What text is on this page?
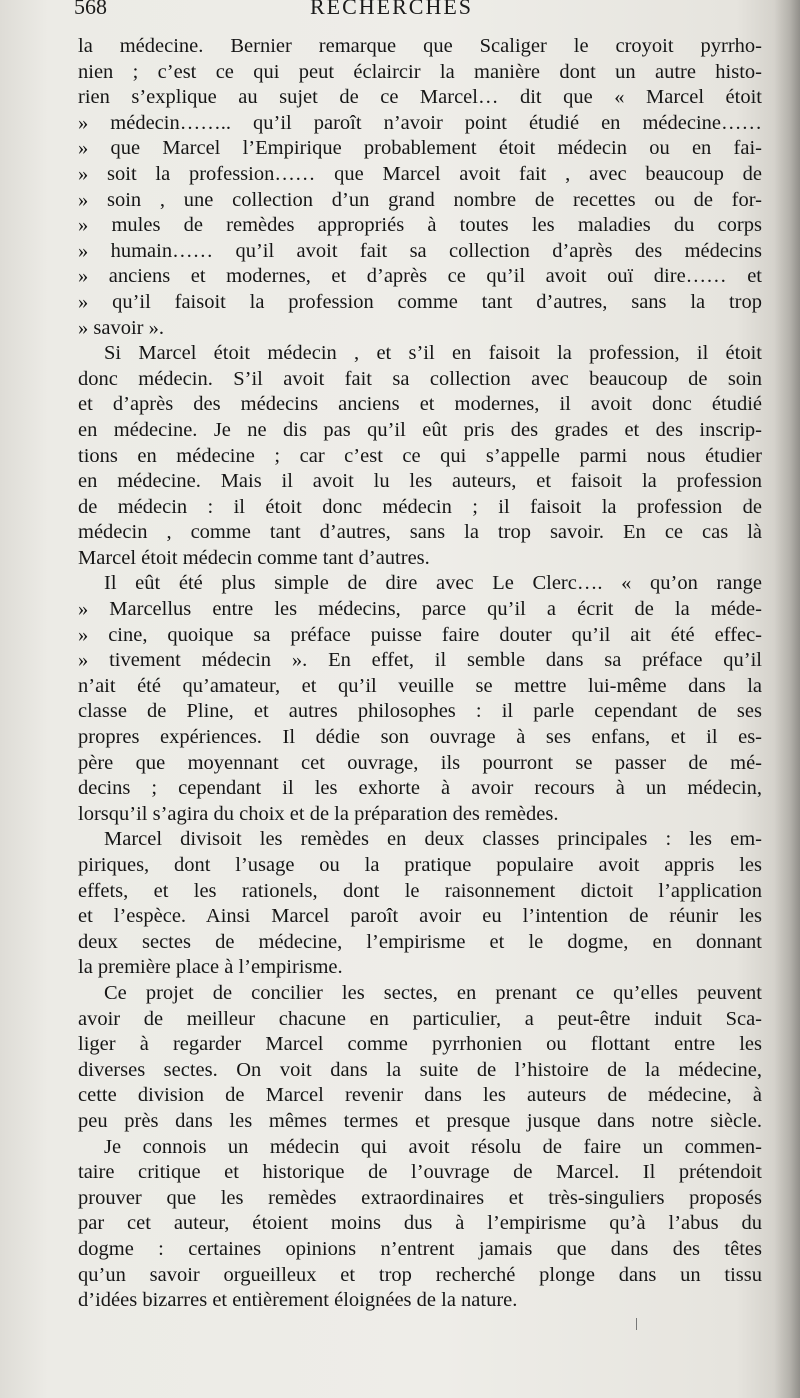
568	RECHERCHES
la médecine. Bernier remarque que Scaliger le croyoit pyrrho-
nien ; c’est ce qui peut éclaircir la manière dont un autre histo-
rien s’explique au sujet de ce Marcel… dit que « Marcel étoit
» médecin…….. qu’il paroît n’avoir point étudié en médecine……
» que Marcel l’Empirique probablement étoit médecin ou en fai-
» soit la profession…… que Marcel avoit fait , avec beaucoup de
» soin , une collection d’un grand nombre de recettes ou de for-
» mules de remèdes appropriés à toutes les maladies du corps
» humain…… qu’il avoit fait sa collection d’après des médecins
» anciens et modernes, et d’après ce qu’il avoit ouï dire…… et
» qu’il faisoit la profession comme tant d’autres, sans la trop
» savoir ».
Si Marcel étoit médecin , et s’il en faisoit la profession, il étoit
donc médecin. S’il avoit fait sa collection avec beaucoup de soin
et d’après des médecins anciens et modernes, il avoit donc étudié
en médecine. Je ne dis pas qu’il eût pris des grades et des inscrip-
tions en médecine ; car c’est ce qui s’appelle parmi nous étudier
en médecine. Mais il avoit lu les auteurs, et faisoit la profession
de médecin : il étoit donc médecin ; il faisoit la profession de
médecin , comme tant d’autres, sans la trop savoir. En ce cas là
Marcel étoit médecin comme tant d’autres.
Il eût été plus simple de dire avec Le Clerc…. « qu’on range
» Marcellus entre les médecins, parce qu’il a écrit de la méde-
» cine, quoique sa préface puisse faire douter qu’il ait été effec-
» tivement médecin ». En effet, il semble dans sa préface qu’il
n’ait été qu’amateur, et qu’il veuille se mettre lui-même dans la
classe de Pline, et autres philosophes : il parle cependant de ses
propres expériences. Il dédie son ouvrage à ses enfans, et il es-
père que moyennant cet ouvrage, ils pourront se passer de mé-
decins ; cependant il les exhorte à avoir recours à un médecin,
lorsqu’il s’agira du choix et de la préparation des remèdes.
Marcel divisoit les remèdes en deux classes principales : les em-
piriques, dont l’usage ou la pratique populaire avoit appris les
effets, et les rationels, dont le raisonnement dictoit l’application
et l’espèce. Ainsi Marcel paroît avoir eu l’intention de réunir les
deux sectes de médecine, l’empirisme et le dogme, en donnant
la première place à l’empirisme.
Ce projet de concilier les sectes, en prenant ce qu’elles peuvent
avoir de meilleur chacune en particulier, a peut-être induit Sca-
liger à regarder Marcel comme pyrrhonien ou flottant entre les
diverses sectes. On voit dans la suite de l’histoire de la médecine,
cette division de Marcel revenir dans les auteurs de médecine, à
peu près dans les mêmes termes et presque jusque dans notre siècle.
Je connois un médecin qui avoit résolu de faire un commen-
taire critique et historique de l’ouvrage de Marcel. Il prétendoit
prouver que les remèdes extraordinaires et très-singuliers proposés
par cet auteur, étoient moins dus à l’empirisme qu’à l’abus du
dogme : certaines opinions n’entrent jamais que dans des têtes
qu’un savoir orgueilleux et trop recherché plonge dans un tissu
d’idées bizarres et entièrement éloignées de la nature.
